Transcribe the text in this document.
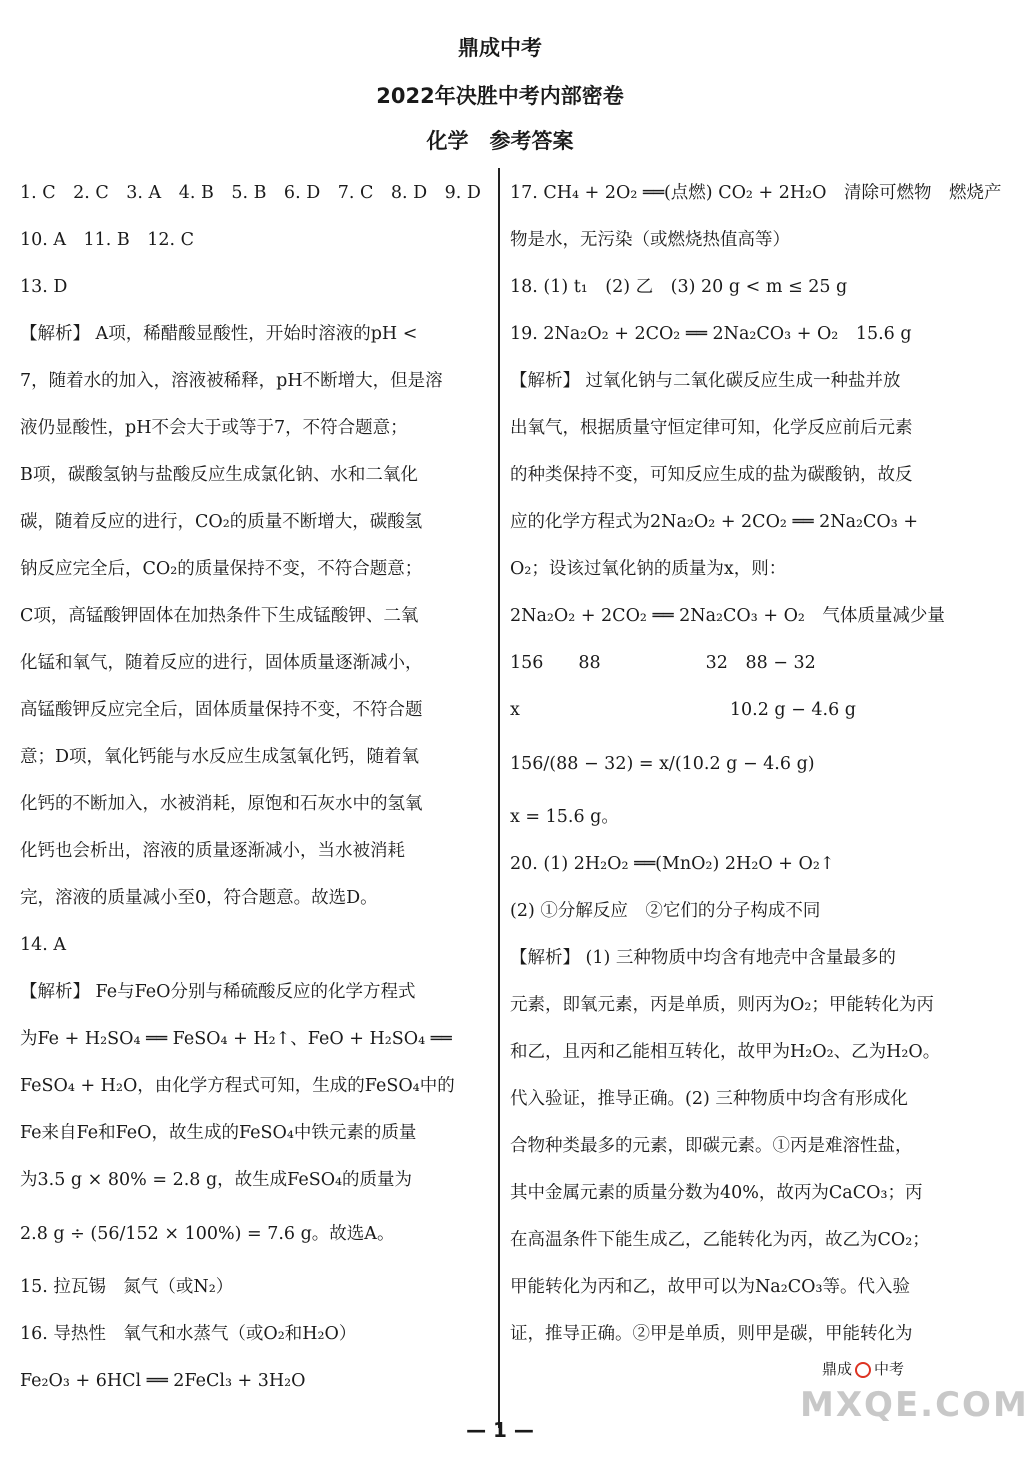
鼎成中考
2022年决胜中考内部密卷
化学　参考答案
1. C　2. C　3. A　4. B　5. B　6. D　7. C　8. D　9. D
10. A　11. B　12. C
13. D
【解析】 A项，稀醋酸显酸性，开始时溶液的pH <
7，随着水的加入，溶液被稀释，pH不断增大，但是溶
液仍显酸性，pH不会大于或等于7，不符合题意；
B项，碳酸氢钠与盐酸反应生成氯化钠、水和二氧化
碳，随着反应的进行，CO₂的质量不断增大，碳酸氢
钠反应完全后，CO₂的质量保持不变，不符合题意；
C项，高锰酸钾固体在加热条件下生成锰酸钾、二氧
化锰和氧气，随着反应的进行，固体质量逐渐减小，
高锰酸钾反应完全后，固体质量保持不变，不符合题
意；D项，氧化钙能与水反应生成氢氧化钙，随着氧
化钙的不断加入，水被消耗，原饱和石灰水中的氢氧
化钙也会析出，溶液的质量逐渐减小，当水被消耗
完，溶液的质量减小至0，符合题意。故选D。
14. A
【解析】 Fe与FeO分别与稀硫酸反应的化学方程式
为Fe + H₂SO₄ ══ FeSO₄ + H₂↑、FeO + H₂SO₄ ══
FeSO₄ + H₂O，由化学方程式可知，生成的FeSO₄中的
Fe来自Fe和FeO，故生成的FeSO₄中铁元素的质量
为3.5 g × 80% = 2.8 g，故生成FeSO₄的质量为
2.8 g ÷ (56/152 × 100%) = 7.6 g。故选A。
15. 拉瓦锡　氮气（或N₂）
16. 导热性　氧气和水蒸气（或O₂和H₂O）
Fe₂O₃ + 6HCl ══ 2FeCl₃ + 3H₂O
17. CH₄ + 2O₂ ══(点燃) CO₂ + 2H₂O　清除可燃物　燃烧产
物是水，无污染（或燃烧热值高等）
18. (1) t₁　(2) 乙　(3) 20 g < m ≤ 25 g
19. 2Na₂O₂ + 2CO₂ ══ 2Na₂CO₃ + O₂　15.6 g
【解析】 过氧化钠与二氧化碳反应生成一种盐并放
出氧气，根据质量守恒定律可知，化学反应前后元素
的种类保持不变，可知反应生成的盐为碳酸钠，故反
应的化学方程式为2Na₂O₂ + 2CO₂ ══ 2Na₂CO₃ +
O₂；设该过氧化钠的质量为x，则：
2Na₂O₂ + 2CO₂ ══ 2Na₂CO₃ + O₂　气体质量减少量
156　　88　　　　　　32　88 − 32
x　　　　　　　　　　　　10.2 g − 4.6 g
156/(88 − 32) = x/(10.2 g − 4.6 g)
x = 15.6 g。
20. (1) 2H₂O₂ ══(MnO₂) 2H₂O + O₂↑
(2) ①分解反应　②它们的分子构成不同
【解析】 (1) 三种物质中均含有地壳中含量最多的
元素，即氧元素，丙是单质，则丙为O₂；甲能转化为丙
和乙，且丙和乙能相互转化，故甲为H₂O₂、乙为H₂O。
代入验证，推导正确。(2) 三种物质中均含有形成化
合物种类最多的元素，即碳元素。①丙是难溶性盐，
其中金属元素的质量分数为40%，故丙为CaCO₃；丙
在高温条件下能生成乙，乙能转化为丙，故乙为CO₂；
甲能转化为丙和乙，故甲可以为Na₂CO₃等。代入验
证，推导正确。②甲是单质，则甲是碳，甲能转化为
鼎成 中考
MXQE.COM
— 1 —
